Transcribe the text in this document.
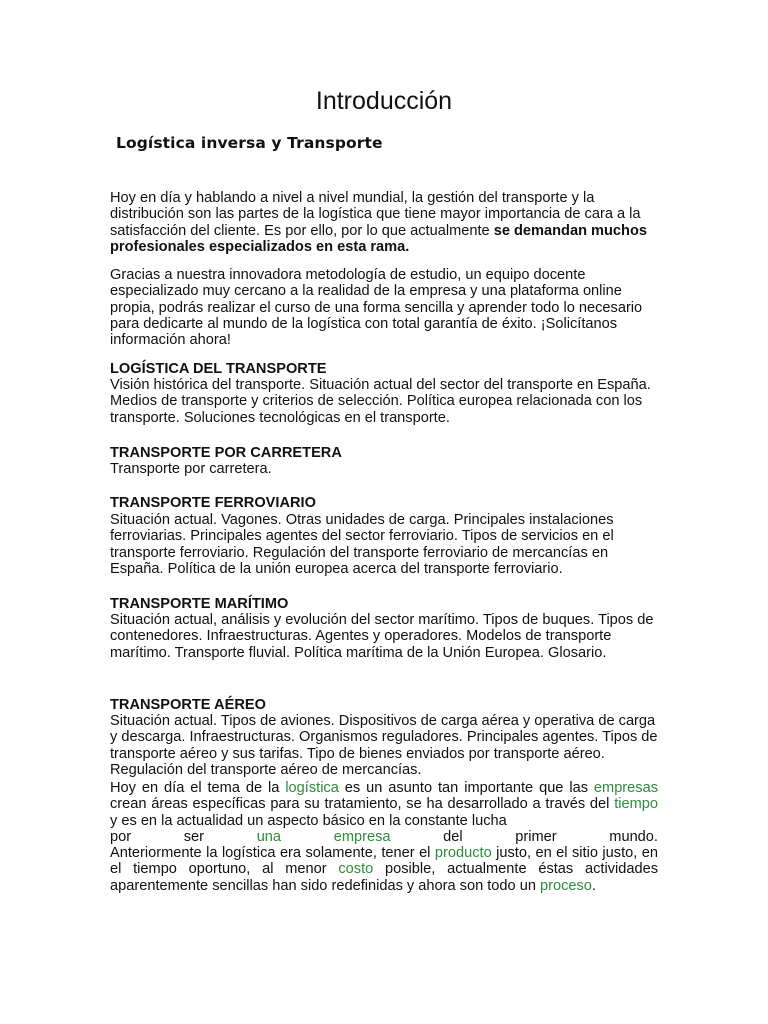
Introducción
Logística inversa y Transporte

Hoy en día y hablando a nivel a nivel mundial, la gestión del transporte y la distribución son las partes de la logística que tiene mayor importancia de cara a la satisfacción del cliente. Es por ello, por lo que actualmente se demandan muchos profesionales especializados en esta rama.

Gracias a nuestra innovadora metodología de estudio, un equipo docente especializado muy cercano a la realidad de la empresa y una plataforma online propia, podrás realizar el curso de una forma sencilla y aprender todo lo necesario para dedicarte al mundo de la logística con total garantía de éxito. ¡Solicítanos información ahora!

LOGÍSTICA DEL TRANSPORTE

Visión histórica del transporte. Situación actual del sector del transporte en España. Medios de transporte y criterios de selección. Política europea relacionada con los transporte. Soluciones tecnológicas en el transporte.

TRANSPORTE POR CARRETERA

Transporte por carretera.

TRANSPORTE FERROVIARIO

Situación actual. Vagones. Otras unidades de carga. Principales instalaciones ferroviarias. Principales agentes del sector ferroviario. Tipos de servicios en el transporte ferroviario. Regulación del transporte ferroviario de mercancías en España. Política de la unión europea acerca del transporte ferroviario.

TRANSPORTE MARÍTIMO

Situación actual, análisis y evolución del sector marítimo. Tipos de buques. Tipos de contenedores. Infraestructuras. Agentes y operadores. Modelos de transporte marítimo. Transporte fluvial. Política marítima de la Unión Europea. Glosario.

TRANSPORTE AÉREO

Situación actual. Tipos de aviones. Dispositivos de carga aérea y operativa de carga y descarga. Infraestructuras. Organismos reguladores. Principales agentes. Tipos de transporte aéreo y sus tarifas. Tipo de bienes enviados por transporte aéreo. Regulación del transporte aéreo de mercancías.

Hoy en día el tema de la logística es un asunto tan importante que las empresas crean áreas específicas para su tratamiento, se ha desarrollado a través del tiempo y es en la actualidad un aspecto básico en la constante lucha
por	ser	una	empresa	del	primer	mundo.
Anteriormente la logística era solamente, tener el producto justo, en el sitio justo, en el tiempo oportuno, al menor costo posible, actualmente éstas actividades aparentemente sencillas han sido redefinidas y ahora son todo un proceso.
